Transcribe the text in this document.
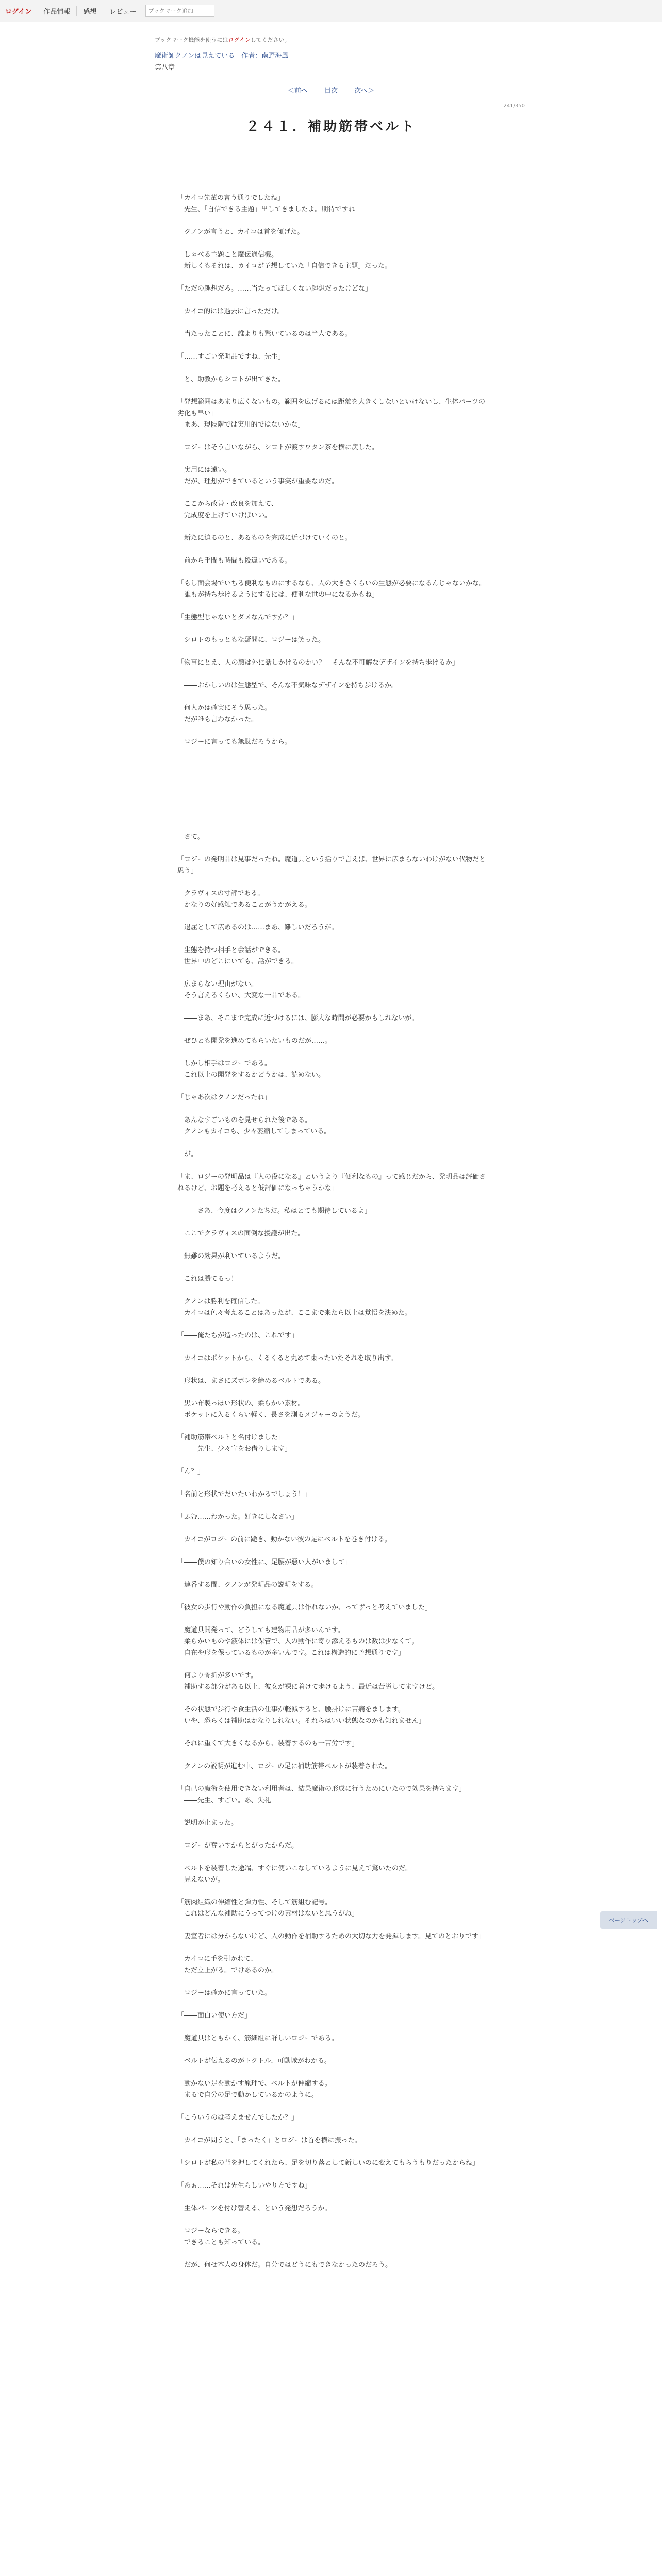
ログイン	作品情報	感想	レビュー
ブックマーク追加
ブックマーク機能を使うにはログインしてください。
魔術師クノンは見えている　作者：南野海風
第八章
＜前へ 目次 次へ＞
241/350
２４１．補助筋帯ベルト
「カイコ先輩の言う通りでしたね」
　先生、「自信できる主題」出してきましたよ。期待ですね」
　クノンが言うと、カイコは首を傾げた。
　しゃべる主題こと魔伝通信機。
　新しくもそれは、カイコが予想していた「自信できる主題」だった。
「ただの趣想だろ。……当たってほしくない趣想だったけどな」
　カイコ的には過去に言っただけ。
　当たったことに、誰よりも驚いているのは当人である。
「……すごい発明品ですね、先生」
　と、助教からシロトが出てきた。
「発想範囲はあまり広くないもの。範囲を広げるには距離を大きくしないといけないし、生体パーツの劣化も早い」
　まあ、現段階では実用的ではないかな」
　ロジーはそう言いながら、シロトが渡すワタン茶を横に戻した。
　実用には遠い。
　だが、理想ができているという事実が重要なのだ。
　ここから改善・改良を加えて、
　完成度を上げていけばいい。
　新たに迫るのと、あるものを完成に近づけていくのと。
　前から手間も時間も段違いである。
「もし面会場でいちる便利なものにするなら、人の大きさくらいの生態が必要になるんじゃないかな。
　誰もが持ち歩けるようにするには、便利な世の中になるかもね」
「生態型じゃないとダメなんですか？」
　シロトのもっともな疑問に、ロジーは笑った。
「物事にとえ、人の顔は外に話しかけるのかい？　そんな不可解なデザインを持ち歩けるか」
　――おかしいのは生態型で、そんな不気味なデザインを持ち歩けるか。
　何人かは確実にそう思った。
　だが誰も言わなかった。
　ロジーに言っても無駄だろうから。
　さて。
「ロジーの発明品は見事だったね。魔道具という括りで言えば、世界に広まらないわけがない代物だと思う」
　クラヴィスの寸評である。
　かなりの好感触であることがうかがえる。
　退屈として広めるのは……まあ、難しいだろうが。
　生態を持つ相手と会話ができる。
　世界中のどこにいても、話ができる。
　広まらない理由がない。
　そう言えるくらい、大変な一品である。
　――まあ、そこまで完成に近づけるには、膨大な時間が必要かもしれないが。
　ぜひとも開発を進めてもらいたいものだが……。
　しかし相手はロジーである。
　これ以上の開発をするかどうかは、読めない。
「じゃあ次はクノンだったね」
　あんなすごいものを見せられた後である。
　クノンもカイコも、少々萎縮してしまっている。
　が。
「ま、ロジーの発明品は『人の役になる』というより『便利なもの』って感じだから、発明品は評価されるけど、お題を考えると低評価になっちゃうかな」
　――さあ、今度はクノンたちだ。私はとても期待しているよ」
　ここでクラヴィスの面倒な援護が出た。
　無難の効果が利いているようだ。
　これは勝てるっ！
　クノンは勝利を確信した。
　カイコは色々考えることはあったが、ここまで来たら以上は覚悟を決めた。
「――俺たちが造ったのは、これです」
　カイコはポケットから、くるくると丸めて束ったいたそれを取り出す。
　形状は、まさにズボンを締めるベルトである。
　黒い布製っぽい形状の、柔らかい素材。
　ポケットに入るくらい軽く、長さを測るメジャーのようだ。
「補助筋帯ベルトと名付けました」
　――先生、少々宣をお借りします」
「ん？」
「名前と形状でだいたいわかるでしょう！」
「ふむ……わかった。好きにしなさい」
　カイコがロジーの前に跪き、動かない彼の足にベルトを巻き付ける。
「――僕の知り合いの女性に、足腰が悪い人がいまして」
　連番する間、クノンが発明品の説明をする。
「彼女の歩行や動作の負担になる魔道具は作れないか、ってずっと考えていました」
　魔道具開発って、どうしても建物用品が多いんです。
　柔らかいものや液体には保管で、人の動作に寄り添えるものは数は少なくて。
　自在や形を保っているものが多いんです。これは構造的に予想通りです」
　何より骨折が多いです。
　補助する部分がある以上、彼女が裸に着けて歩けるよう、最近は苦労してますけど。
　その状態で歩行や食生活の仕事が軽減すると、腰掛けに苦痛をまします。
　いや、恐らくは補助はかなりしれない。それらはいい状態なのかも知れません」
　それに重くて大きくなるから、装着するのも一苦労です」
　クノンの説明が進む中、ロジーの足に補助筋帯ベルトが装着された。
「自己の魔術を使用できない利用者は、結果魔術の形成に行うためにいたので効果を持ちます」
　――先生、すごい。あ、失礼」
　説明が止まった。
　ロジーが奪いすからとがったからだ。
　ベルトを装着した途端、すぐに使いこなしているように見えて驚いたのだ。
　見えないが。
「筋肉組織の伸縮性と弾力性、そして筋組む記号。
　これはどんな補助にうってつけの素材はないと思うがね」
　妻室者には分からないけど、人の動作を補助するための大切な力を発揮します。見てのとおりです」
　カイコに手を引かれて、
　ただ立上がる。でけあるのか。
　ロジーは確かに言っていた。
「――面白い使い方だ」
　魔道具はともかく、筋細組に詳しいロジーである。
　ベルトが伝えるのがトクトル、可動域がわかる。
　動かない足を動かす原理で、ベルトが伸縮する。
　まるで自分の足で動かしているかのように。
「こういうのは考えませんでしたか？」
　カイコが問うと、「まったく」とロジーは首を横に振った。
「シロトが私の背を押してくれたら、足を切り落として新しいのに変えてもらうもりだったからね」
「あぁ……それは先生らしいやり方ですね」
　生体パーツを付け替える、という発想だろうか。
　ロジーならできる。
　できることも知っている。
　だが、何せ本人の身体だ。自分ではどうにもできなかったのだろう。
ページトップへ
